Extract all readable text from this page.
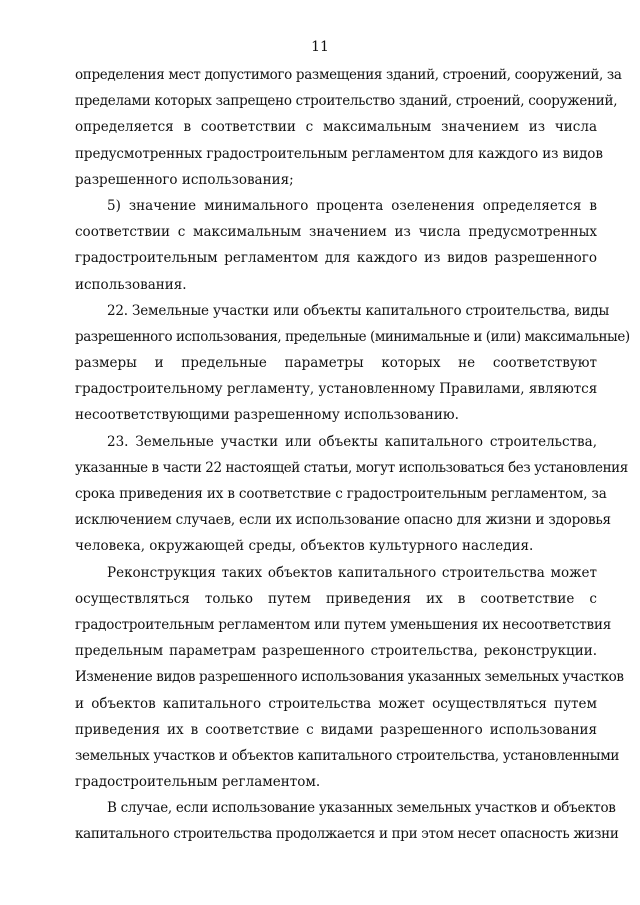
11
определения мест допустимого размещения зданий, строений, сооружений, за
пределами которых запрещено строительство зданий, строений, сооружений,
определяется в соответствии с максимальным значением из числа
предусмотренных градостроительным регламентом для каждого из видов
разрешенного использования;
5) значение минимального процента озеленения определяется в
соответствии с максимальным значением из числа предусмотренных
градостроительным регламентом для каждого из видов разрешенного
использования.
22. Земельные участки или объекты капитального строительства, виды
разрешенного использования, предельные (минимальные и (или) максимальные)
размеры и предельные параметры которых не соответствуют
градостроительному регламенту, установленному Правилами, являются
несоответствующими разрешенному использованию.
23. Земельные участки или объекты капитального строительства,
указанные в части 22 настоящей статьи, могут использоваться без установления
срока приведения их в соответствие с градостроительным регламентом, за
исключением случаев, если их использование опасно для жизни и здоровья
человека, окружающей среды, объектов культурного наследия.
Реконструкция таких объектов капитального строительства может
осуществляться только путем приведения их в соответствие с
градостроительным регламентом или путем уменьшения их несоответствия
предельным параметрам разрешенного строительства, реконструкции.
Изменение видов разрешенного использования указанных земельных участков
и объектов капитального строительства может осуществляться путем
приведения их в соответствие с видами разрешенного использования
земельных участков и объектов капитального строительства, установленными
градостроительным регламентом.
В случае, если использование указанных земельных участков и объектов
капитального строительства продолжается и при этом несет опасность жизни
